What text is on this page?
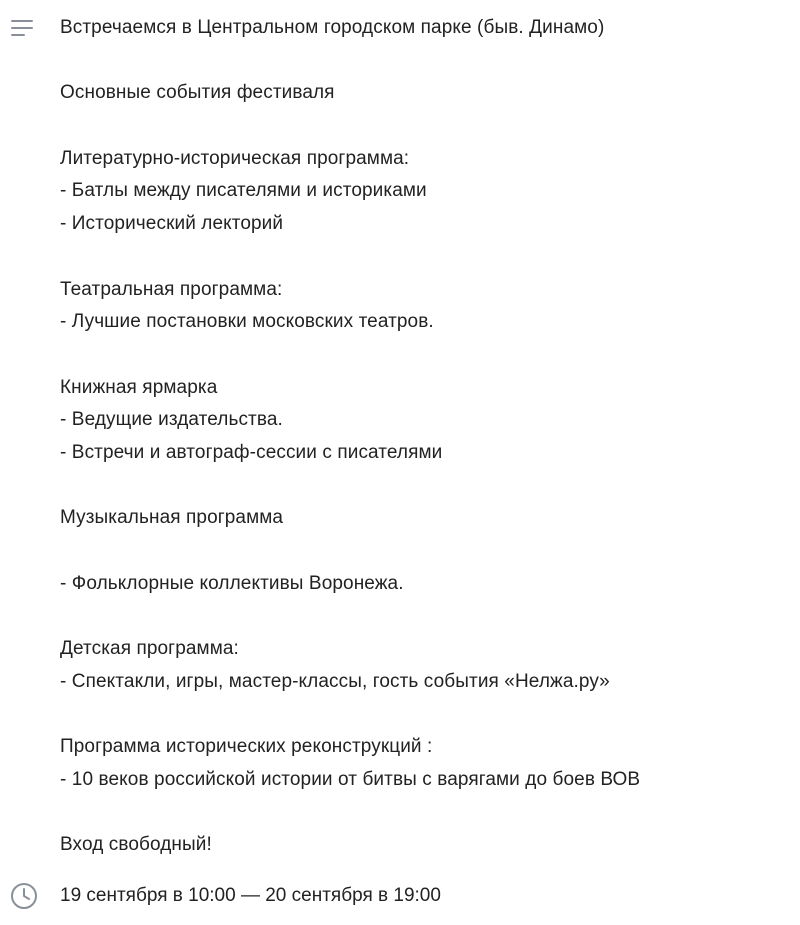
Встречаемся в Центральном городском парке (быв. Динамо)
Основные события фестиваля
Литературно-историческая программа:
- Батлы между писателями и историками
- Исторический лекторий
Театральная программа:
- Лучшие постановки московских театров.
Книжная ярмарка
- Ведущие издательства.
- Встречи и автограф-сессии с писателями
Музыкальная программа
- Фольклорные коллективы Воронежа.
Детская программа:
- Спектакли, игры, мастер-классы, гость события «Нелжа.ру»
Программа исторических реконструкций :
- 10 веков российской истории от битвы с варягами до боев ВОВ
Вход свободный!
19 сентября в 10:00 — 20 сентября в 19:00
